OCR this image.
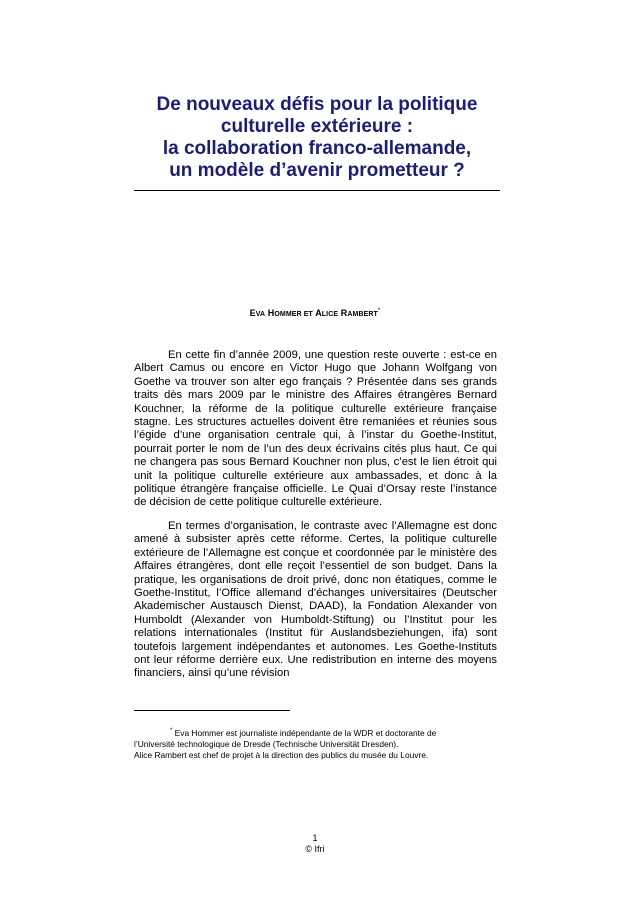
De nouveaux défis pour la politique
culturelle extérieure :
la collaboration franco-allemande,
un modèle d’avenir prometteur ?
EVA HOMMER ET ALICE RAMBERT*

En cette fin d’année 2009, une question reste ouverte : est-ce en Albert Camus ou encore en Victor Hugo que Johann Wolfgang von Goethe va trouver son alter ego français ? Présentée dans ses grands traits dès mars 2009 par le ministre des Affaires étrangères Bernard Kouchner, la réforme de la politique culturelle extérieure française stagne. Les structures actuelles doivent être remaniées et réunies sous l’égide d’une organisation centrale qui, à l’instar du Goethe-Institut, pourrait porter le nom de l’un des deux écrivains cités plus haut. Ce qui ne changera pas sous Bernard Kouchner non plus, c’est le lien étroit qui unit la politique culturelle extérieure aux ambassades, et donc à la politique étrangère française officielle. Le Quai d’Orsay reste l’instance de décision de cette politique culturelle extérieure.

En termes d’organisation, le contraste avec l’Allemagne est donc amené à subsister après cette réforme. Certes, la politique culturelle extérieure de l’Allemagne est conçue et coordonnée par le ministère des Affaires étrangères, dont elle reçoit l’essentiel de son budget. Dans la pratique, les organisations de droit privé, donc non étatiques, comme le Goethe-Institut, l’Office allemand d’échanges universitaires (Deutscher Akademischer Austausch Dienst, DAAD), la Fondation Alexander von Humboldt (Alexander von Humboldt-Stiftung) ou l’Institut pour les relations internationales (Institut für Auslandsbeziehungen, ifa) sont toutefois largement indépendantes et autonomes. Les Goethe-Instituts ont leur réforme derrière eux. Une redistribution en interne des moyens financiers, ainsi qu’une révision

* Eva Hommer est journaliste indépendante de la WDR et doctorante de
l’Université technologique de Dresde (Technische Universität Dresden).
Alice Rambert est chef de projet à la direction des publics du musée du Louvre.
1
© Ifri
